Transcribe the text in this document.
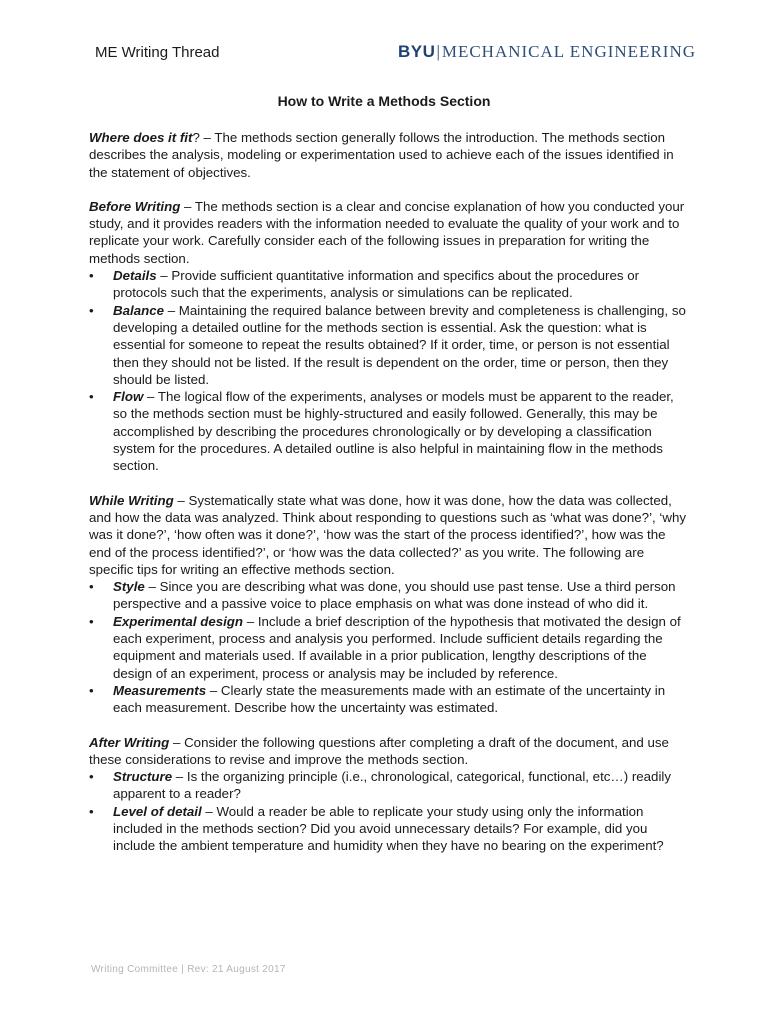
ME Writing Thread	BYU|MECHANICAL ENGINEERING
How to Write a Methods Section

Where does it fit? – The methods section generally follows the introduction. The methods section describes the analysis, modeling or experimentation used to achieve each of the issues identified in the statement of objectives.

Before Writing – The methods section is a clear and concise explanation of how you conducted your study, and it provides readers with the information needed to evaluate the quality of your work and to replicate your work. Carefully consider each of the following issues in preparation for writing the methods section.

•	Details – Provide sufficient quantitative information and specifics about the procedures or protocols such that the experiments, analysis or simulations can be replicated.
•	Balance – Maintaining the required balance between brevity and completeness is challenging, so developing a detailed outline for the methods section is essential. Ask the question: what is essential for someone to repeat the results obtained? If it order, time, or person is not essential then they should not be listed. If the result is dependent on the order, time or person, then they should be listed.
•	Flow – The logical flow of the experiments, analyses or models must be apparent to the reader, so the methods section must be highly-structured and easily followed. Generally, this may be accomplished by describing the procedures chronologically or by developing a classification system for the procedures. A detailed outline is also helpful in maintaining flow in the methods section.

While Writing – Systematically state what was done, how it was done, how the data was collected, and how the data was analyzed. Think about responding to questions such as ‘what was done?’, ‘why was it done?’, ‘how often was it done?’, ‘how was the start of the process identified?’, how was the end of the process identified?’, or ‘how was the data collected?’ as you write. The following are specific tips for writing an effective methods section.

•	Style – Since you are describing what was done, you should use past tense. Use a third person perspective and a passive voice to place emphasis on what was done instead of who did it.
•	Experimental design – Include a brief description of the hypothesis that motivated the design of each experiment, process and analysis you performed. Include sufficient details regarding the equipment and materials used. If available in a prior publication, lengthy descriptions of the design of an experiment, process or analysis may be included by reference.
•	Measurements – Clearly state the measurements made with an estimate of the uncertainty in each measurement. Describe how the uncertainty was estimated.

After Writing – Consider the following questions after completing a draft of the document, and use these considerations to revise and improve the methods section.

•	Structure – Is the organizing principle (i.e., chronological, categorical, functional, etc…) readily apparent to a reader?
•	Level of detail – Would a reader be able to replicate your study using only the information included in the methods section? Did you avoid unnecessary details? For example, did you include the ambient temperature and humidity when they have no bearing on the experiment?
Writing Committee | Rev: 21 August 2017
